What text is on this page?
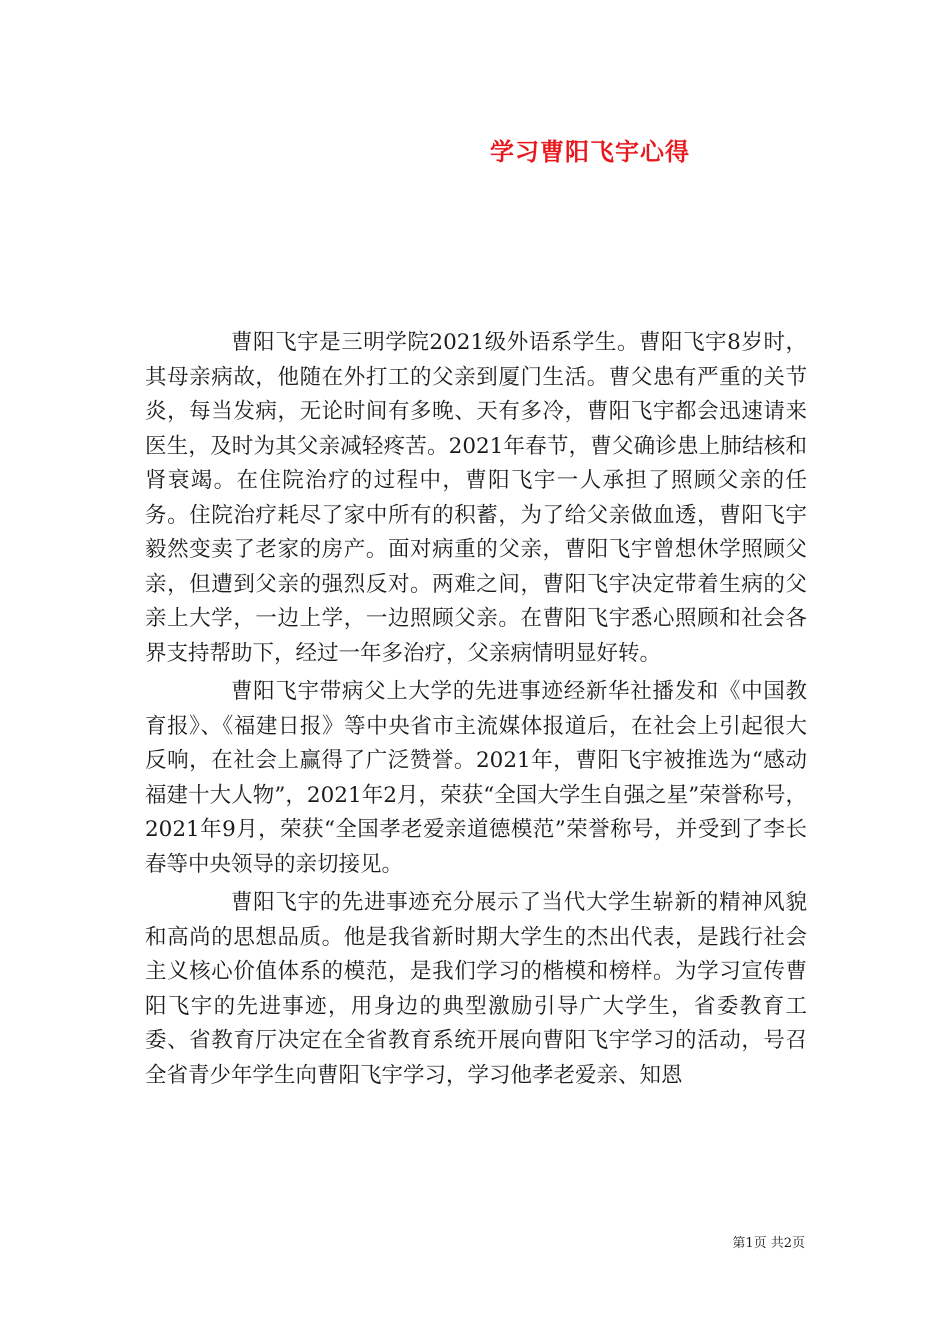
学习曹阳飞宇心得

曹阳飞宇是三明学院2021级外语系学生。曹阳飞宇8岁时，其母亲病故，他随在外打工的父亲到厦门生活。曹父患有严重的关节炎，每当发病，无论时间有多晚、天有多冷，曹阳飞宇都会迅速请来医生，及时为其父亲减轻疼苦。2021年春节，曹父确诊患上肺结核和肾衰竭。在住院治疗的过程中，曹阳飞宇一人承担了照顾父亲的任务。住院治疗耗尽了家中所有的积蓄，为了给父亲做血透，曹阳飞宇毅然变卖了老家的房产。面对病重的父亲，曹阳飞宇曾想休学照顾父亲，但遭到父亲的强烈反对。两难之间，曹阳飞宇决定带着生病的父亲上大学，一边上学，一边照顾父亲。在曹阳飞宇悉心照顾和社会各界支持帮助下，经过一年多治疗，父亲病情明显好转。

曹阳飞宇带病父上大学的先进事迹经新华社播发和《中国教育报》、《福建日报》等中央省市主流媒体报道后，在社会上引起很大反响，在社会上赢得了广泛赞誉。2021年，曹阳飞宇被推选为“感动福建十大人物”，2021年2月，荣获“全国大学生自强之星”荣誉称号，2021年9月，荣获“全国孝老爱亲道德模范”荣誉称号，并受到了李长春等中央领导的亲切接见。

曹阳飞宇的先进事迹充分展示了当代大学生崭新的精神风貌和高尚的思想品质。他是我省新时期大学生的杰出代表，是践行社会主义核心价值体系的模范，是我们学习的楷模和榜样。为学习宣传曹阳飞宇的先进事迹，用身边的典型激励引导广大学生，省委教育工委、省教育厅决定在全省教育系统开展向曹阳飞宇学习的活动，号召全省青少年学生向曹阳飞宇学习，学习他孝老爱亲、知恩

第1页 共2页
